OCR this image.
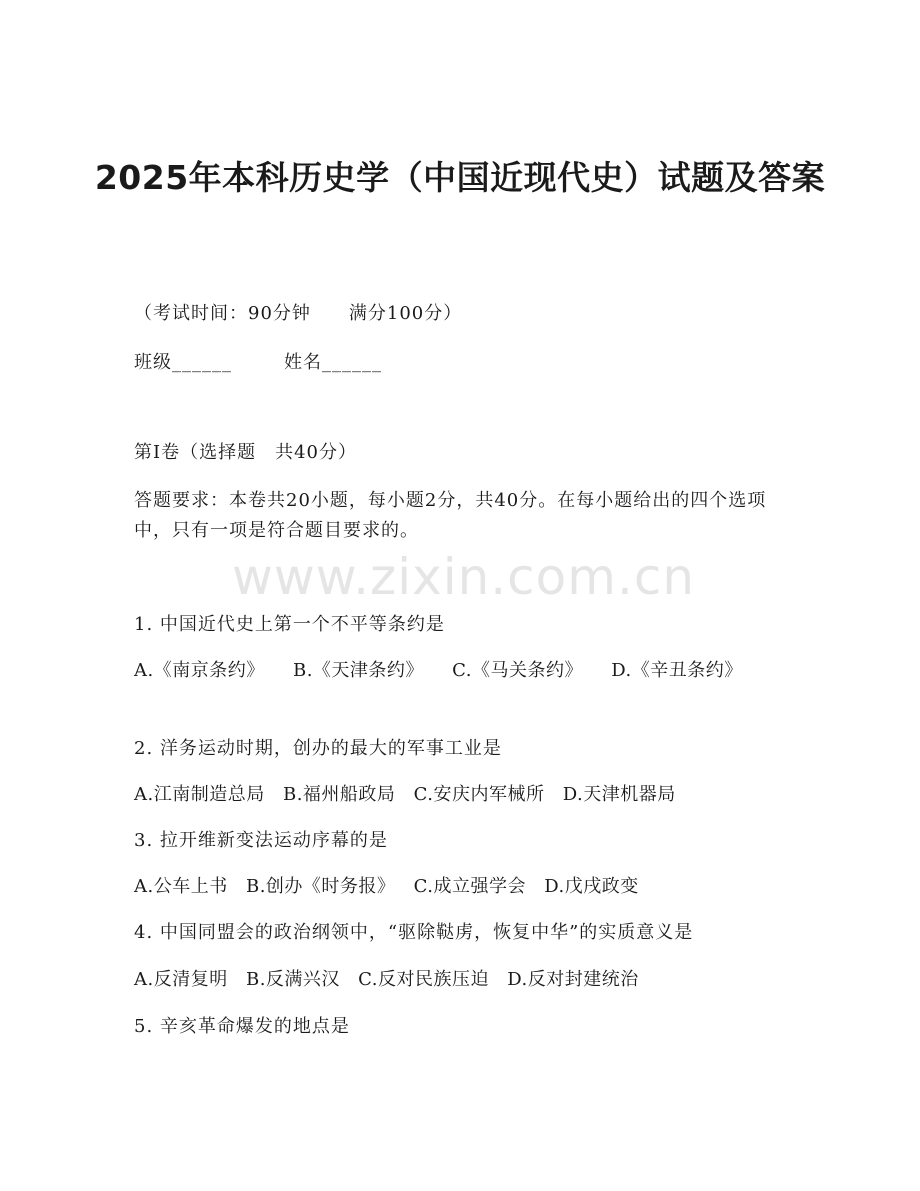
2025年本科历史学（中国近现代史）试题及答案
（考试时间：90分钟　　满分100分）
班级______	姓名______
第Ⅰ卷（选择题　共40分）
答题要求：本卷共20小题，每小题2分，共40分。在每小题给出的四个选项中，只有一项是符合题目要求的。
1. 中国近代史上第一个不平等条约是
A.《南京条约》 B.《天津条约》 C.《马关条约》 D.《辛丑条约》
2. 洋务运动时期，创办的最大的军事工业是
A.江南制造总局 B.福州船政局 C.安庆内军械所 D.天津机器局
3. 拉开维新变法运动序幕的是
A.公车上书 B.创办《时务报》 C.成立强学会 D.戊戌政变
4. 中国同盟会的政治纲领中，“驱除鞑虏，恢复中华”的实质意义是
A.反清复明 B.反满兴汉 C.反对民族压迫 D.反对封建统治
5. 辛亥革命爆发的地点是
www.zixin.com.cn
